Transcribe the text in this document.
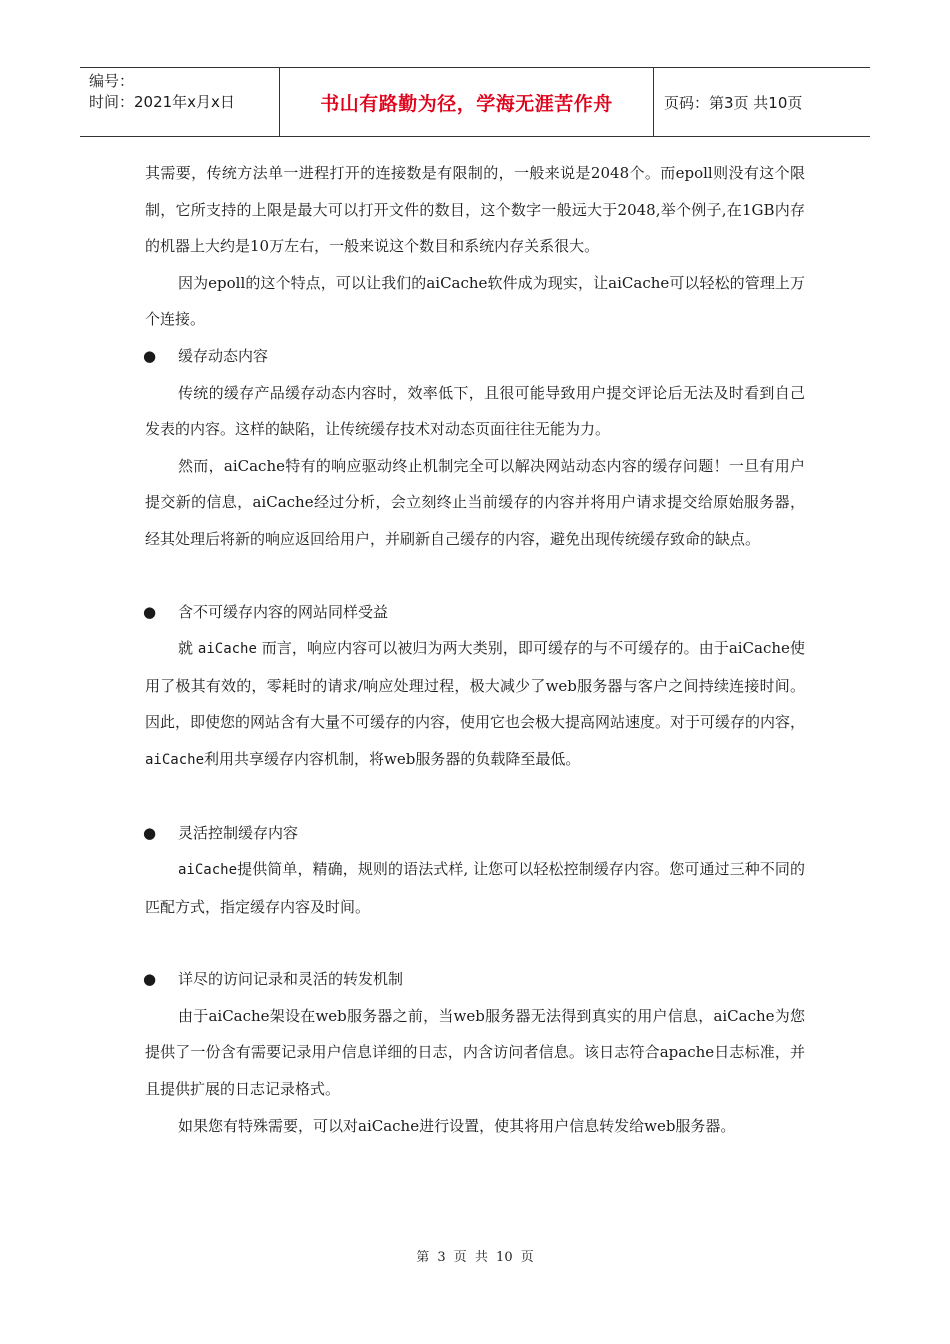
编号：
时间：2021年x月x日	书山有路勤为径，学海无涯苦作舟	页码：第3页 共10页

其需要，传统方法单一进程打开的连接数是有限制的，一般来说是2048个。而epoll则没有这个限制，它所支持的上限是最大可以打开文件的数目，这个数字一般远大于2048,举个例子,在1GB内存的机器上大约是10万左右，一般来说这个数目和系统内存关系很大。

因为epoll的这个特点，可以让我们的aiCache软件成为现实，让aiCache可以轻松的管理上万个连接。

● 缓存动态内容

传统的缓存产品缓存动态内容时，效率低下，且很可能导致用户提交评论后无法及时看到自己发表的内容。这样的缺陷，让传统缓存技术对动态页面往往无能为力。

然而，aiCache特有的响应驱动终止机制完全可以解决网站动态内容的缓存问题！一旦有用户提交新的信息，aiCache经过分析，会立刻终止当前缓存的内容并将用户请求提交给原始服务器，经其处理后将新的响应返回给用户，并刷新自己缓存的内容，避免出现传统缓存致命的缺点。

● 含不可缓存内容的网站同样受益

就 aiCache 而言，响应内容可以被归为两大类别，即可缓存的与不可缓存的。由于aiCache使用了极其有效的，零耗时的请求/响应处理过程，极大减少了web服务器与客户之间持续连接时间。因此，即使您的网站含有大量不可缓存的内容，使用它也会极大提高网站速度。对于可缓存的内容，aiCache利用共享缓存内容机制，将web服务器的负载降至最低。

● 灵活控制缓存内容

aiCache提供简单，精确，规则的语法式样, 让您可以轻松控制缓存内容。您可通过三种不同的匹配方式，指定缓存内容及时间。

● 详尽的访问记录和灵活的转发机制

由于aiCache架设在web服务器之前，当web服务器无法得到真实的用户信息，aiCache为您提供了一份含有需要记录用户信息详细的日志，内含访问者信息。该日志符合apache日志标准，并且提供扩展的日志记录格式。

如果您有特殊需要，可以对aiCache进行设置，使其将用户信息转发给web服务器。

第 3 页 共 10 页
